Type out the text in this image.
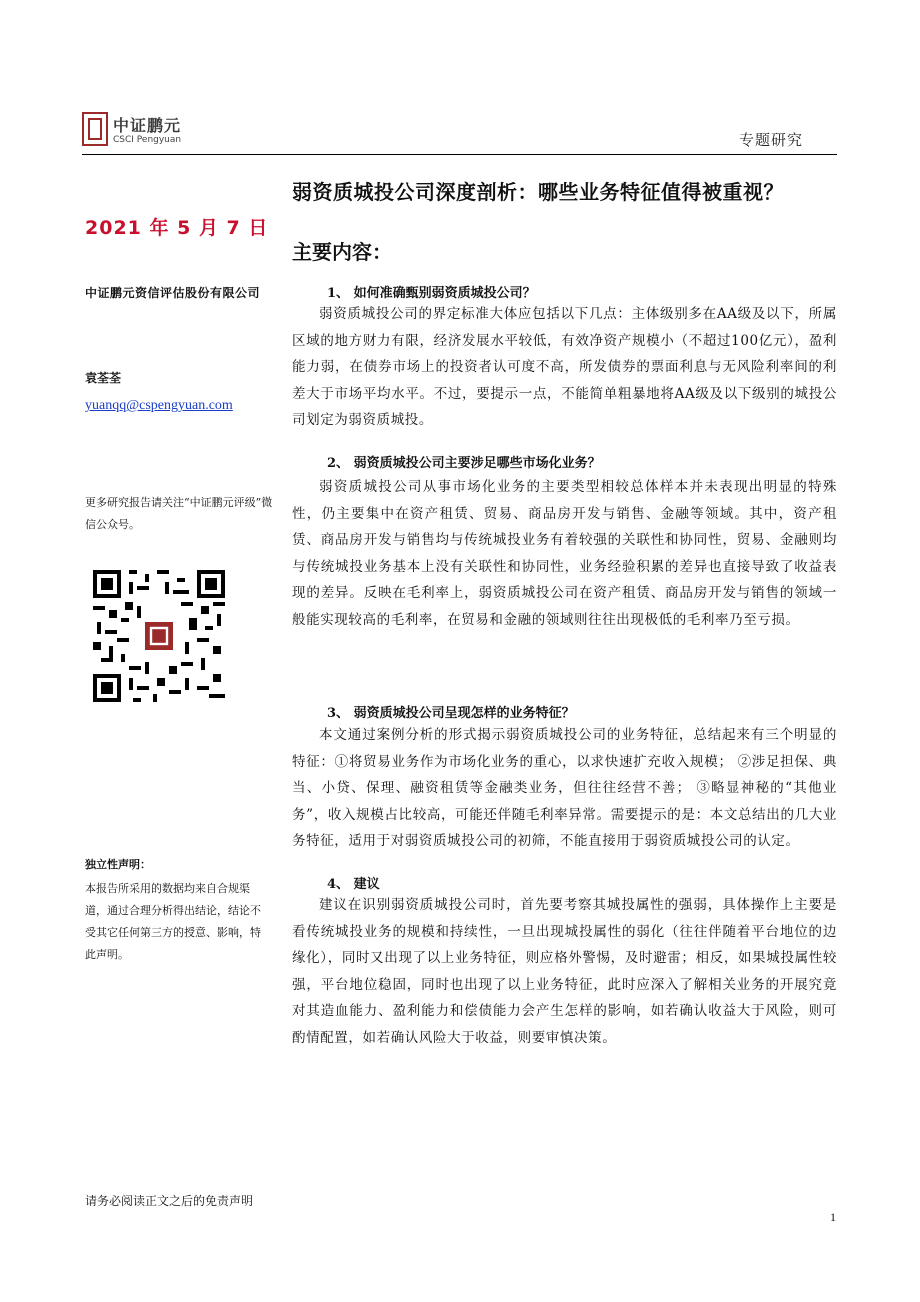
中证鹏元
CSCI Pengyuan	专题研究
弱资质城投公司深度剖析：哪些业务特征值得被重视？
2021 年 5 月 7 日
中证鹏元资信评估股份有限公司
袁荃荃
yuanqq@cspengyuan.com
更多研究报告请关注“中证鹏元评级”微信公众号。
独立性声明：
本报告所采用的数据均来自合规渠道，通过合理分析得出结论，结论不受其它任何第三方的授意、影响，特此声明。
主要内容：
1、 如何准确甄别弱资质城投公司？
弱资质城投公司的界定标准大体应包括以下几点：主体级别多在AA级及以下，所属区域的地方财力有限，经济发展水平较低，有效净资产规模小（不超过100亿元），盈利能力弱，在债券市场上的投资者认可度不高，所发债券的票面利息与无风险利率间的利差大于市场平均水平。不过，要提示一点，不能简单粗暴地将AA级及以下级别的城投公司划定为弱资质城投。
2、 弱资质城投公司主要涉足哪些市场化业务？
弱资质城投公司从事市场化业务的主要类型相较总体样本并未表现出明显的特殊性，仍主要集中在资产租赁、贸易、商品房开发与销售、金融等领域。其中，资产租赁、商品房开发与销售均与传统城投业务有着较强的关联性和协同性，贸易、金融则均与传统城投业务基本上没有关联性和协同性，业务经验积累的差异也直接导致了收益表现的差异。反映在毛利率上，弱资质城投公司在资产租赁、商品房开发与销售的领域一般能实现较高的毛利率，在贸易和金融的领域则往往出现极低的毛利率乃至亏损。
3、 弱资质城投公司呈现怎样的业务特征？
本文通过案例分析的形式揭示弱资质城投公司的业务特征，总结起来有三个明显的特征：①将贸易业务作为市场化业务的重心，以求快速扩充收入规模； ②涉足担保、典当、小贷、保理、融资租赁等金融类业务，但往往经营不善； ③略显神秘的“其他业务”，收入规模占比较高，可能还伴随毛利率异常。需要提示的是：本文总结出的几大业务特征，适用于对弱资质城投公司的初筛，不能直接用于弱资质城投公司的认定。
4、 建议
建议在识别弱资质城投公司时，首先要考察其城投属性的强弱，具体操作上主要是看传统城投业务的规模和持续性，一旦出现城投属性的弱化（往往伴随着平台地位的边缘化），同时又出现了以上业务特征，则应格外警惕，及时避雷；相反，如果城投属性较强，平台地位稳固，同时也出现了以上业务特征，此时应深入了解相关业务的开展究竟对其造血能力、盈利能力和偿债能力会产生怎样的影响，如若确认收益大于风险，则可酌情配置，如若确认风险大于收益，则要审慎决策。
请务必阅读正文之后的免责声明
1
